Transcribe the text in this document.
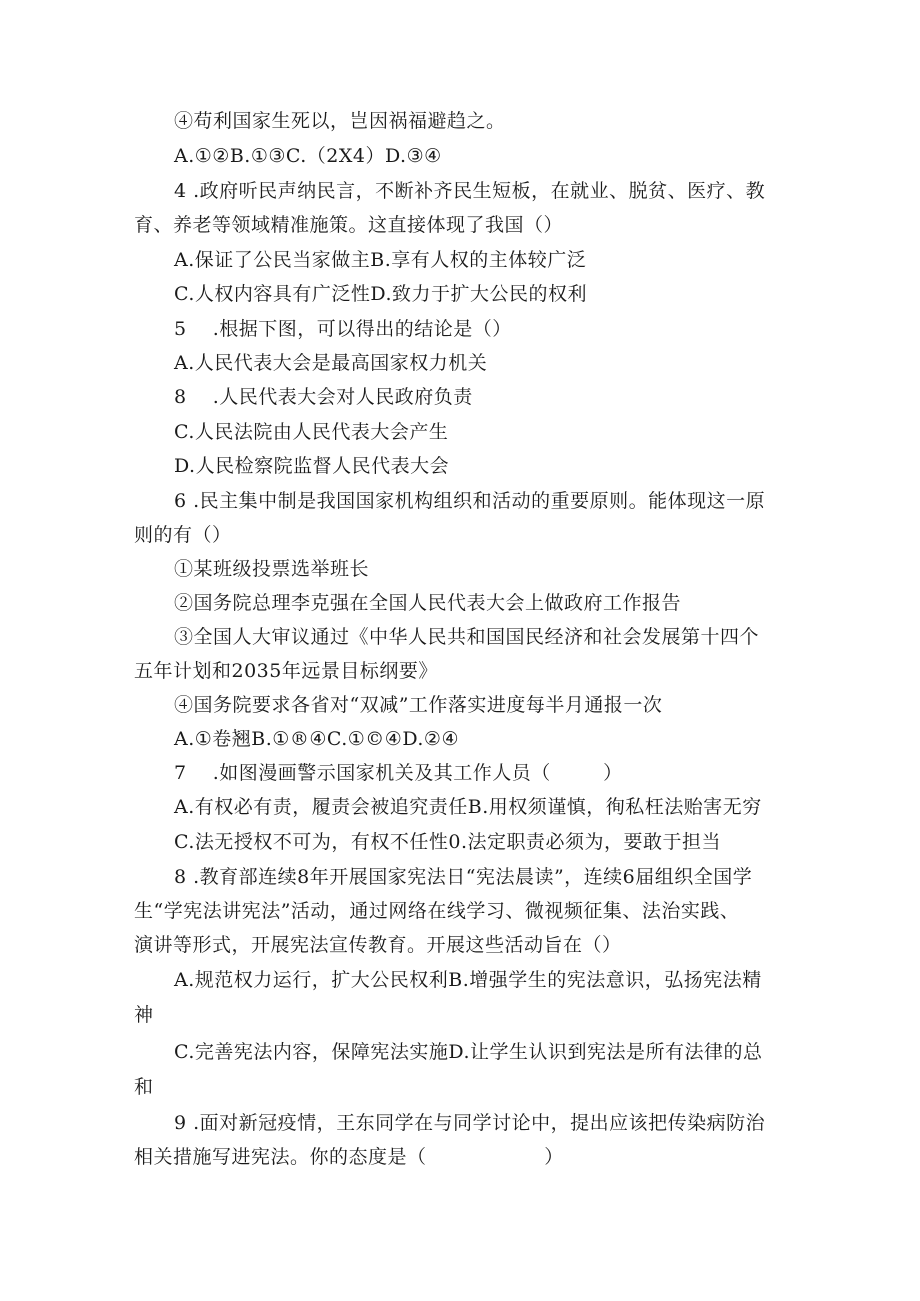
④苟利国家生死以，岂因祸福避趋之。
A.①②B.①③C.（2X4）D.③④
4 .政府听民声纳民言，不断补齐民生短板，在就业、脱贫、医疗、教
育、养老等领域精准施策。这直接体现了我国（）
A.保证了公民当家做主B.享有人权的主体较广泛
C.人权内容具有广泛性D.致力于扩大公民的权利
5    .根据下图，可以得出的结论是（）
A.人民代表大会是最高国家权力机关
8    .人民代表大会对人民政府负责
C.人民法院由人民代表大会产生
D.人民检察院监督人民代表大会
6 .民主集中制是我国国家机构组织和活动的重要原则。能体现这一原
则的有（）
①某班级投票选举班长
②国务院总理李克强在全国人民代表大会上做政府工作报告
③全国人大审议通过《中华人民共和国国民经济和社会发展第十四个
五年计划和2035年远景目标纲要》
④国务院要求各省对“双减”工作落实进度每半月通报一次
A.①卷翘B.①®④C.①©④D.②④
7    .如图漫画警示国家机关及其工作人员（        ）
A.有权必有责，履责会被追究责任B.用权须谨慎，徇私枉法贻害无穷
C.法无授权不可为，有权不任性0.法定职责必须为，要敢于担当
8 .教育部连续8年开展国家宪法日“宪法晨读”，连续6届组织全国学
生“学宪法讲宪法”活动，通过网络在线学习、微视频征集、法治实践、
演讲等形式，开展宪法宣传教育。开展这些活动旨在（）
A.规范权力运行，扩大公民权利B.增强学生的宪法意识，弘扬宪法精
神
C.完善宪法内容，保障宪法实施D.让学生认识到宪法是所有法律的总
和
9 .面对新冠疫情，王东同学在与同学讨论中，提出应该把传染病防治
相关措施写进宪法。你的态度是（                  ）
